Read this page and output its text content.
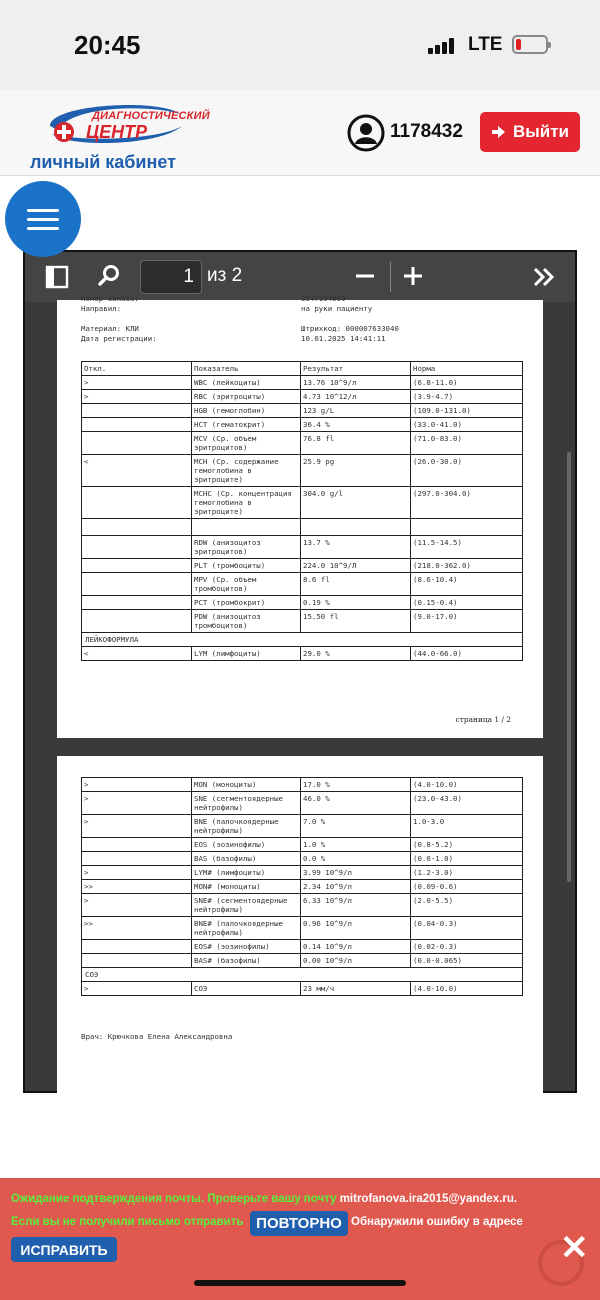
20:45	LTE
ДИАГНОСТИЧЕСКИЙ
ЦЕНТР
личный кабинет
1178432	Выйти
1 из 2
Номер заказа:
Направил:

Материал: КЛИ
Дата регистрации:
3347194000
на руки пациенту

Штрихкод: 000007633040
10.01.2025 14:41:11
Откл.	Показатель	Результат	Норма
>	WBC (лейкоциты)	13.76 10^9/л	(6.8-11.0)
>	RBC (эритроциты)	4.73 10^12/л	(3.9-4.7)
	HGB (гемоглобин)	123 g/L	(109.0-131.0)
	HCT (гематокрит)	36.4 %	(33.0-41.0)
	MCV (Ср. объем эритроцитов)	76.8 fl	(71.0-83.0)
<	MCH (Ср. содержание гемоглобина в эритроците)	25.9 pg	(26.0-30.0)
	MCHC (Ср. концентрация гемоглобина в эритроците)	304.0 g/l	(297.0-304.0)

	RDW (анизоцитоз эритроцитов)	13.7 %	(11.5-14.5)
	PLT (тромбоциты)	224.0 10^9/Л	(218.0-362.0)
	MPV (Ср. объем тромбоцитов)	8.6 fl	(8.6-10.4)
	PCT (тромбокрит)	0.19 %	(0.15-0.4)
	PDW (анизоцитоз тромбоцитов)	15.50 fl	(9.0-17.0)
ЛЕЙКОФОРМУЛА			
<	LYM (лимфоциты)	29.0 %	(44.0-66.0)
страница 1 / 2
>	MON (моноциты)	17.0 %	(4.0-10.0)
>	SNE (сегментоядерные нейтрофилы)	46.0 %	(23.0-43.0)
>	BNE (палочкоядерные нейтрофилы)	7.0 %	1.0-3.0
	EOS (эозинофилы)	1.0 %	(0.8-5.2)
	BAS (базофилы)	0.0 %	(0.0-1.0)
>	LYM# (лимфоциты)	3.99 10^9/л	(1.2-3.0)
>>	MON# (моноциты)	2.34 10^9/л	(0.09-0.6)
>	SNE# (сегментоядерные нейтрофилы)	6.33 10^9/л	(2.0-5.5)
>>	BNE# (палочкоядерные нейтрофилы)	0.96 10^9/л	(0.04-0.3)
	EOS# (эозинофилы)	0.14 10^9/л	(0.02-0.3)
	BAS# (базофилы)	0.00 10^9/л	(0.0-0.065)
СОЭ			
>	СОЭ	23 мм/ч	(4.0-10.0)
Врач: Крючкова Елена Александровна
Ожидание подтверждения почты. Проверьте вашу почту mitrofanova.ira2015@yandex.ru.
Если вы не получили письмо отправить ПОВТОРНО Обнаружили ошибку в адресе
ИСПРАВИТЬ	✕
